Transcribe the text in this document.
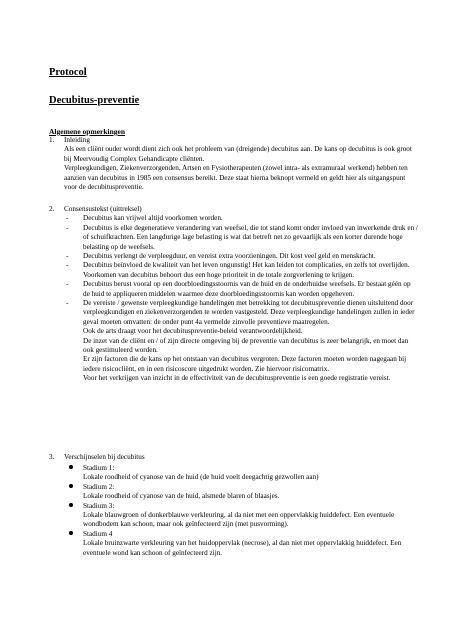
Protocol
Decubitus-preventie
Algemene opmerkingen
1. Inleiding

Als een cliënt ouder wordt dient zich ook het probleem van (dreigende) decubitus aan. De kans op decubitus is ook groot bij Meervoudig Complex Gehandicapte cliënten.

Verpleegkundigen, Ziekenverzorgenden, Artsen en Fysiotherapeuten (zowel intra- als extramuraal werkend) hebben ten aanzien van decubitus in 1985 een consensus bereikt. Deze staat hierna beknopt vermeld en geldt hier als uitgangspunt voor de decubituspreventie.

2. Consensustekst (uittreksel)
- Decubitus kan vrijwel altijd voorkomen worden.
- Decubitus is elke degeneratieve verandering van weefsel, die tot stand komt onder invloed van inwerkende druk en / of schuifkrachten. Een langdurige lage belasting is wat dat betreft net zo gevaarlijk als een korter durende hoge belasting op de weefsels.
- Decubitus verlengt de verpleegduur, en vereist extra voorzieningen. Dit kost veel geld en menskracht.
- Decubitus beïnvloed de kwaliteit van het leven ongunstig! Het kan leiden tot complicaties, en zelfs tot overlijden. Voorkomen van decubitus behoort dus een hoge prioriteit in de totale zorgverlening te krijgen.
- Decubitus berust vooral op een doorbloedingsstoornis van de huid en de onderhuidse weefsels. Er bestaat géén op de huid te appliqueren middelen waarmee deze doorbloedingsstoornis kan worden opgeheven.
- De vereiste / gewenste verpleegkundige handelingen met betrekking tot decubituspreventie dienen uitsluitend door verpleegkundigen en ziekenverzorgenden te worden vastgesteld. Deze verpleegkundige handelingen zullen in ieder geval moeten omvatten: de onder punt 4a vermelde zinvolle preventieve maatregelen.

Ook de arts draagt voor het decubituspreventie-beleid verantwoordelijkheid.

De inzet van de cliënt en / of zijn directe omgeving bij de preventie van decubitus is zeer belangrijk, en moet dan ook gestimuleerd worden.

Er zijn factoren die de kans op het ontstaan van decubitus vergroten. Deze factoren moeten worden nagegaan bij iedere risicocliënt, en in een risicoscore uitgedrukt worden. Zie hiervoor risicomatrix.

Voor het verkrijgen van inzicht in de effectiviteit van de decubituspreventie is een goede registratie vereist.

3. Verschijnselen bij decubitus

Stadium 1:

Lokale roodheid of cyanose van de huid (de huid voelt deegachtig gezwollen aan)

Stadium 2:

Lokale roodheid of cyanose van de huid, alsmede blaren of blaasjes.

Stadium 3:

Lokale blauwgroen of donkerblauwe verkleuring, al da niet met een oppervlakkig huiddefect. Een eventuele wondbodem kan schoon, maar ook geïnfecteerd zijn (met pusvorming).

Stadium 4

Lokale bruinzwarte verkleuring van het huidoppervlak (necrose), al dan niet met oppervlakkig huiddefect. Een eventuele wond kan schoon of geïnfecteerd zijn.
